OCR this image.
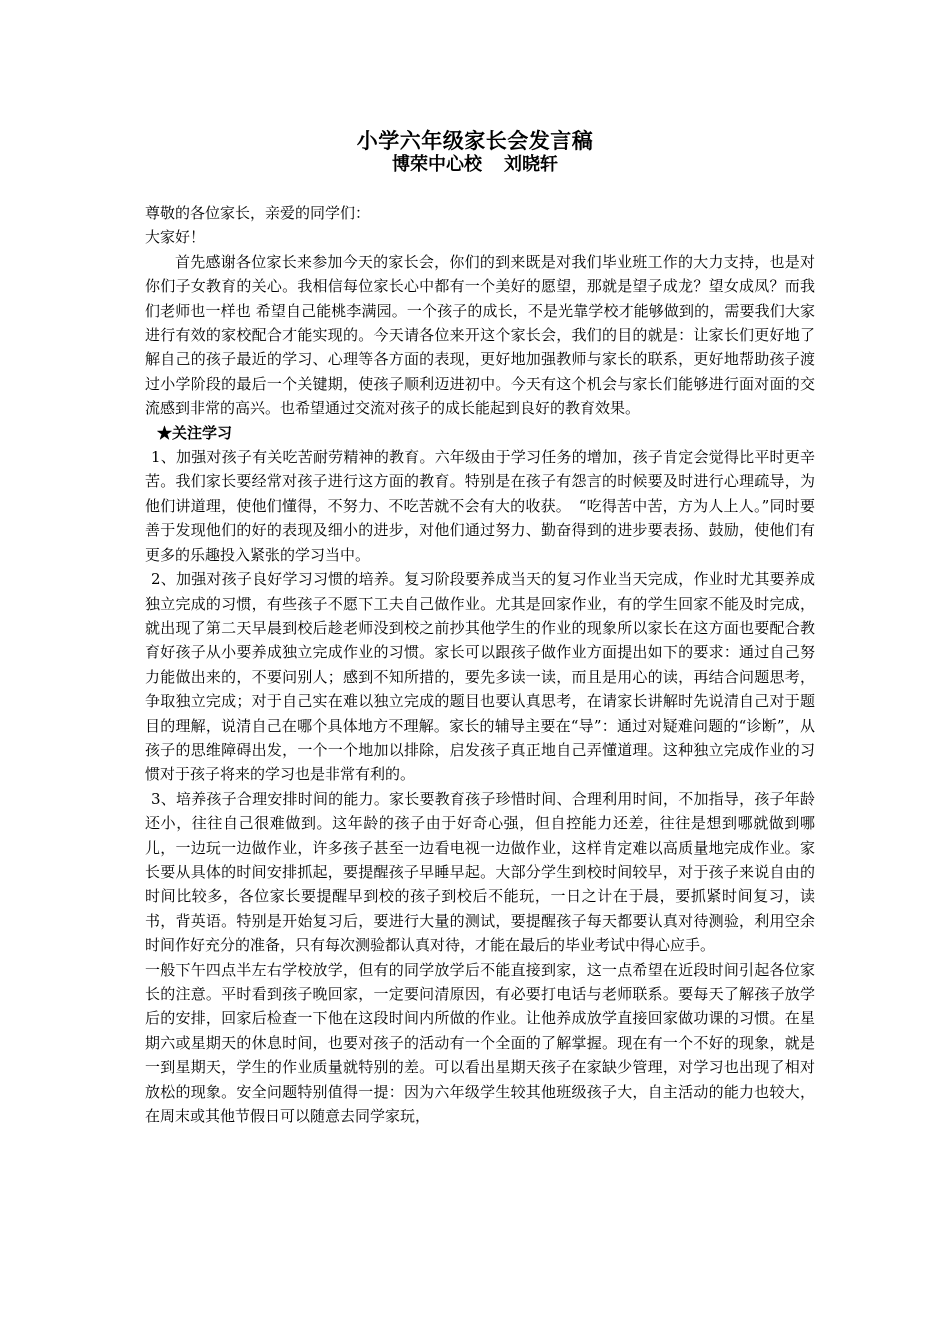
小学六年级家长会发言稿
博荣中心校 刘晓轩

尊敬的各位家长，亲爱的同学们：

大家好！

首先感谢各位家长来参加今天的家长会，你们的到来既是对我们毕业班工作的大力支持，也是对你们子女教育的关心。我相信每位家长心中都有一个美好的愿望，那就是望子成龙？望女成凤？而我们老师也一样也 希望自己能桃李满园。一个孩子的成长，不是光靠学校才能够做到的，需要我们大家进行有效的家校配合才能实现的。今天请各位来开这个家长会，我们的目的就是：让家长们更好地了解自己的孩子最近的学习、心理等各方面的表现，更好地加强教师与家长的联系，更好地帮助孩子渡过小学阶段的最后一个关键期，使孩子顺利迈进初中。今天有这个机会与家长们能够进行面对面的交流感到非常的高兴。也希望通过交流对孩子的成长能起到良好的教育效果。

★关注学习

1、加强对孩子有关吃苦耐劳精神的教育。六年级由于学习任务的增加，孩子肯定会觉得比平时更辛苦。我们家长要经常对孩子进行这方面的教育。特别是在孩子有怨言的时候要及时进行心理疏导，为他们讲道理，使他们懂得，不努力、不吃苦就不会有大的收获。　“吃得苦中苦，方为人上人。”同时要善于发现他们的好的表现及细小的进步，对他们通过努力、勤奋得到的进步要表扬、鼓励，使他们有更多的乐趣投入紧张的学习当中。

2、加强对孩子良好学习习惯的培养。复习阶段要养成当天的复习作业当天完成，作业时尤其要养成独立完成的习惯，有些孩子不愿下工夫自己做作业。尤其是回家作业，有的学生回家不能及时完成，就出现了第二天早晨到校后趁老师没到校之前抄其他学生的作业的现象所以家长在这方面也要配合教育好孩子从小要养成独立完成作业的习惯。家长可以跟孩子做作业方面提出如下的要求：通过自己努力能做出来的，不要问别人；感到不知所措的，要先多读一读，而且是用心的读，再结合问题思考，争取独立完成；对于自己实在难以独立完成的题目也要认真思考，在请家长讲解时先说清自己对于题目的理解，说清自己在哪个具体地方不理解。家长的辅导主要在“导”：通过对疑难问题的“诊断”，从孩子的思维障碍出发，一个一个地加以排除，启发孩子真正地自己弄懂道理。这种独立完成作业的习惯对于孩子将来的学习也是非常有利的。

3、培养孩子合理安排时间的能力。家长要教育孩子珍惜时间、合理利用时间，不加指导，孩子年龄还小，往往自己很难做到。这年龄的孩子由于好奇心强，但自控能力还差，往往是想到哪就做到哪儿，一边玩一边做作业，许多孩子甚至一边看电视一边做作业，这样肯定难以高质量地完成作业。家长要从具体的时间安排抓起，要提醒孩子早睡早起。大部分学生到校时间较早，对于孩子来说自由的时间比较多，各位家长要提醒早到校的孩子到校后不能玩，一日之计在于晨，要抓紧时间复习，读书，背英语。特别是开始复习后，要进行大量的测试，要提醒孩子每天都要认真对待测验，利用空余时间作好充分的准备，只有每次测验都认真对待，才能在最后的毕业考试中得心应手。

一般下午四点半左右学校放学，但有的同学放学后不能直接到家，这一点希望在近段时间引起各位家长的注意。平时看到孩子晚回家，一定要问清原因，有必要打电话与老师联系。要每天了解孩子放学后的安排，回家后检查一下他在这段时间内所做的作业。让他养成放学直接回家做功课的习惯。在星期六或星期天的休息时间，也要对孩子的活动有一个全面的了解掌握。现在有一个不好的现象，就是一到星期天，学生的作业质量就特别的差。可以看出星期天孩子在家缺少管理，对学习也出现了相对放松的现象。安全问题特别值得一提：因为六年级学生较其他班级孩子大，自主活动的能力也较大，在周末或其他节假日可以随意去同学家玩，
